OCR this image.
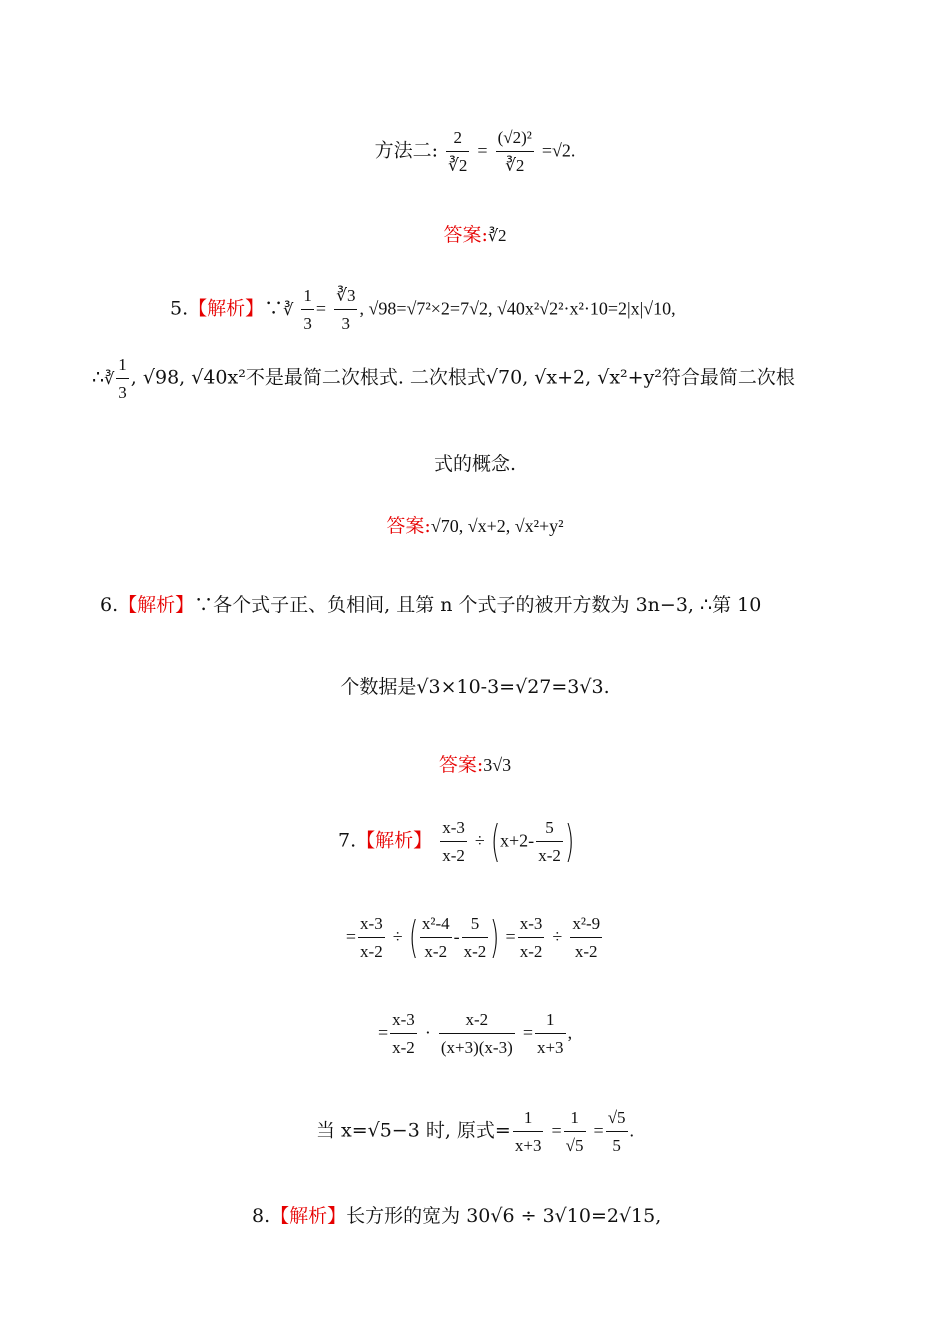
方法二: $\frac{2}{∛2} = \frac{\text{(√2)²}}{∛2} =√2$.
答案:∛2
5.【解析】∵∛ $\frac{1}{3} = \frac{∛3}{3}$ , √98=√7²×2=7√2, √40x²√2²·x²·10=2|x|√10,
∴∛ $\frac{1}{3}$ , √98, √40x²不是最简二次根式. 二次根式√70, √x+2, √x²+y²符合最简二次根
式的概念.
答案:√70, √x+2, √x²+y²
6.【解析】∵各个式子正、负相间, 且第 n 个式子的被开方数为 3n−3, ∴第 10
个数据是√3×10-3=√27=3√3.
答案:3√3
7.【解析】 $\frac{x-3}{x-2} \div (x+2- \frac{5}{x-2}$ )
= $\frac{x-3}{x-2}$ ÷ ( $\frac{\text{x²-4}}{x-2} - \frac{5}{x-2}$ ) = $\frac{x-3}{x-2} \div \frac{\text{x²-9}}{x-2}$
= $\frac{x-3}{x-2} \cdot \frac{x-2}{(x+3)(x-3)} = \frac{1}{x+3}$ ,
当 x=√5−3 时, 原式= $\frac{1}{x+3} = \frac{1}{√5} = \frac{√5}{5}$ .
8.【解析】长方形的宽为 30√6 ÷ 3√10=2√15,
